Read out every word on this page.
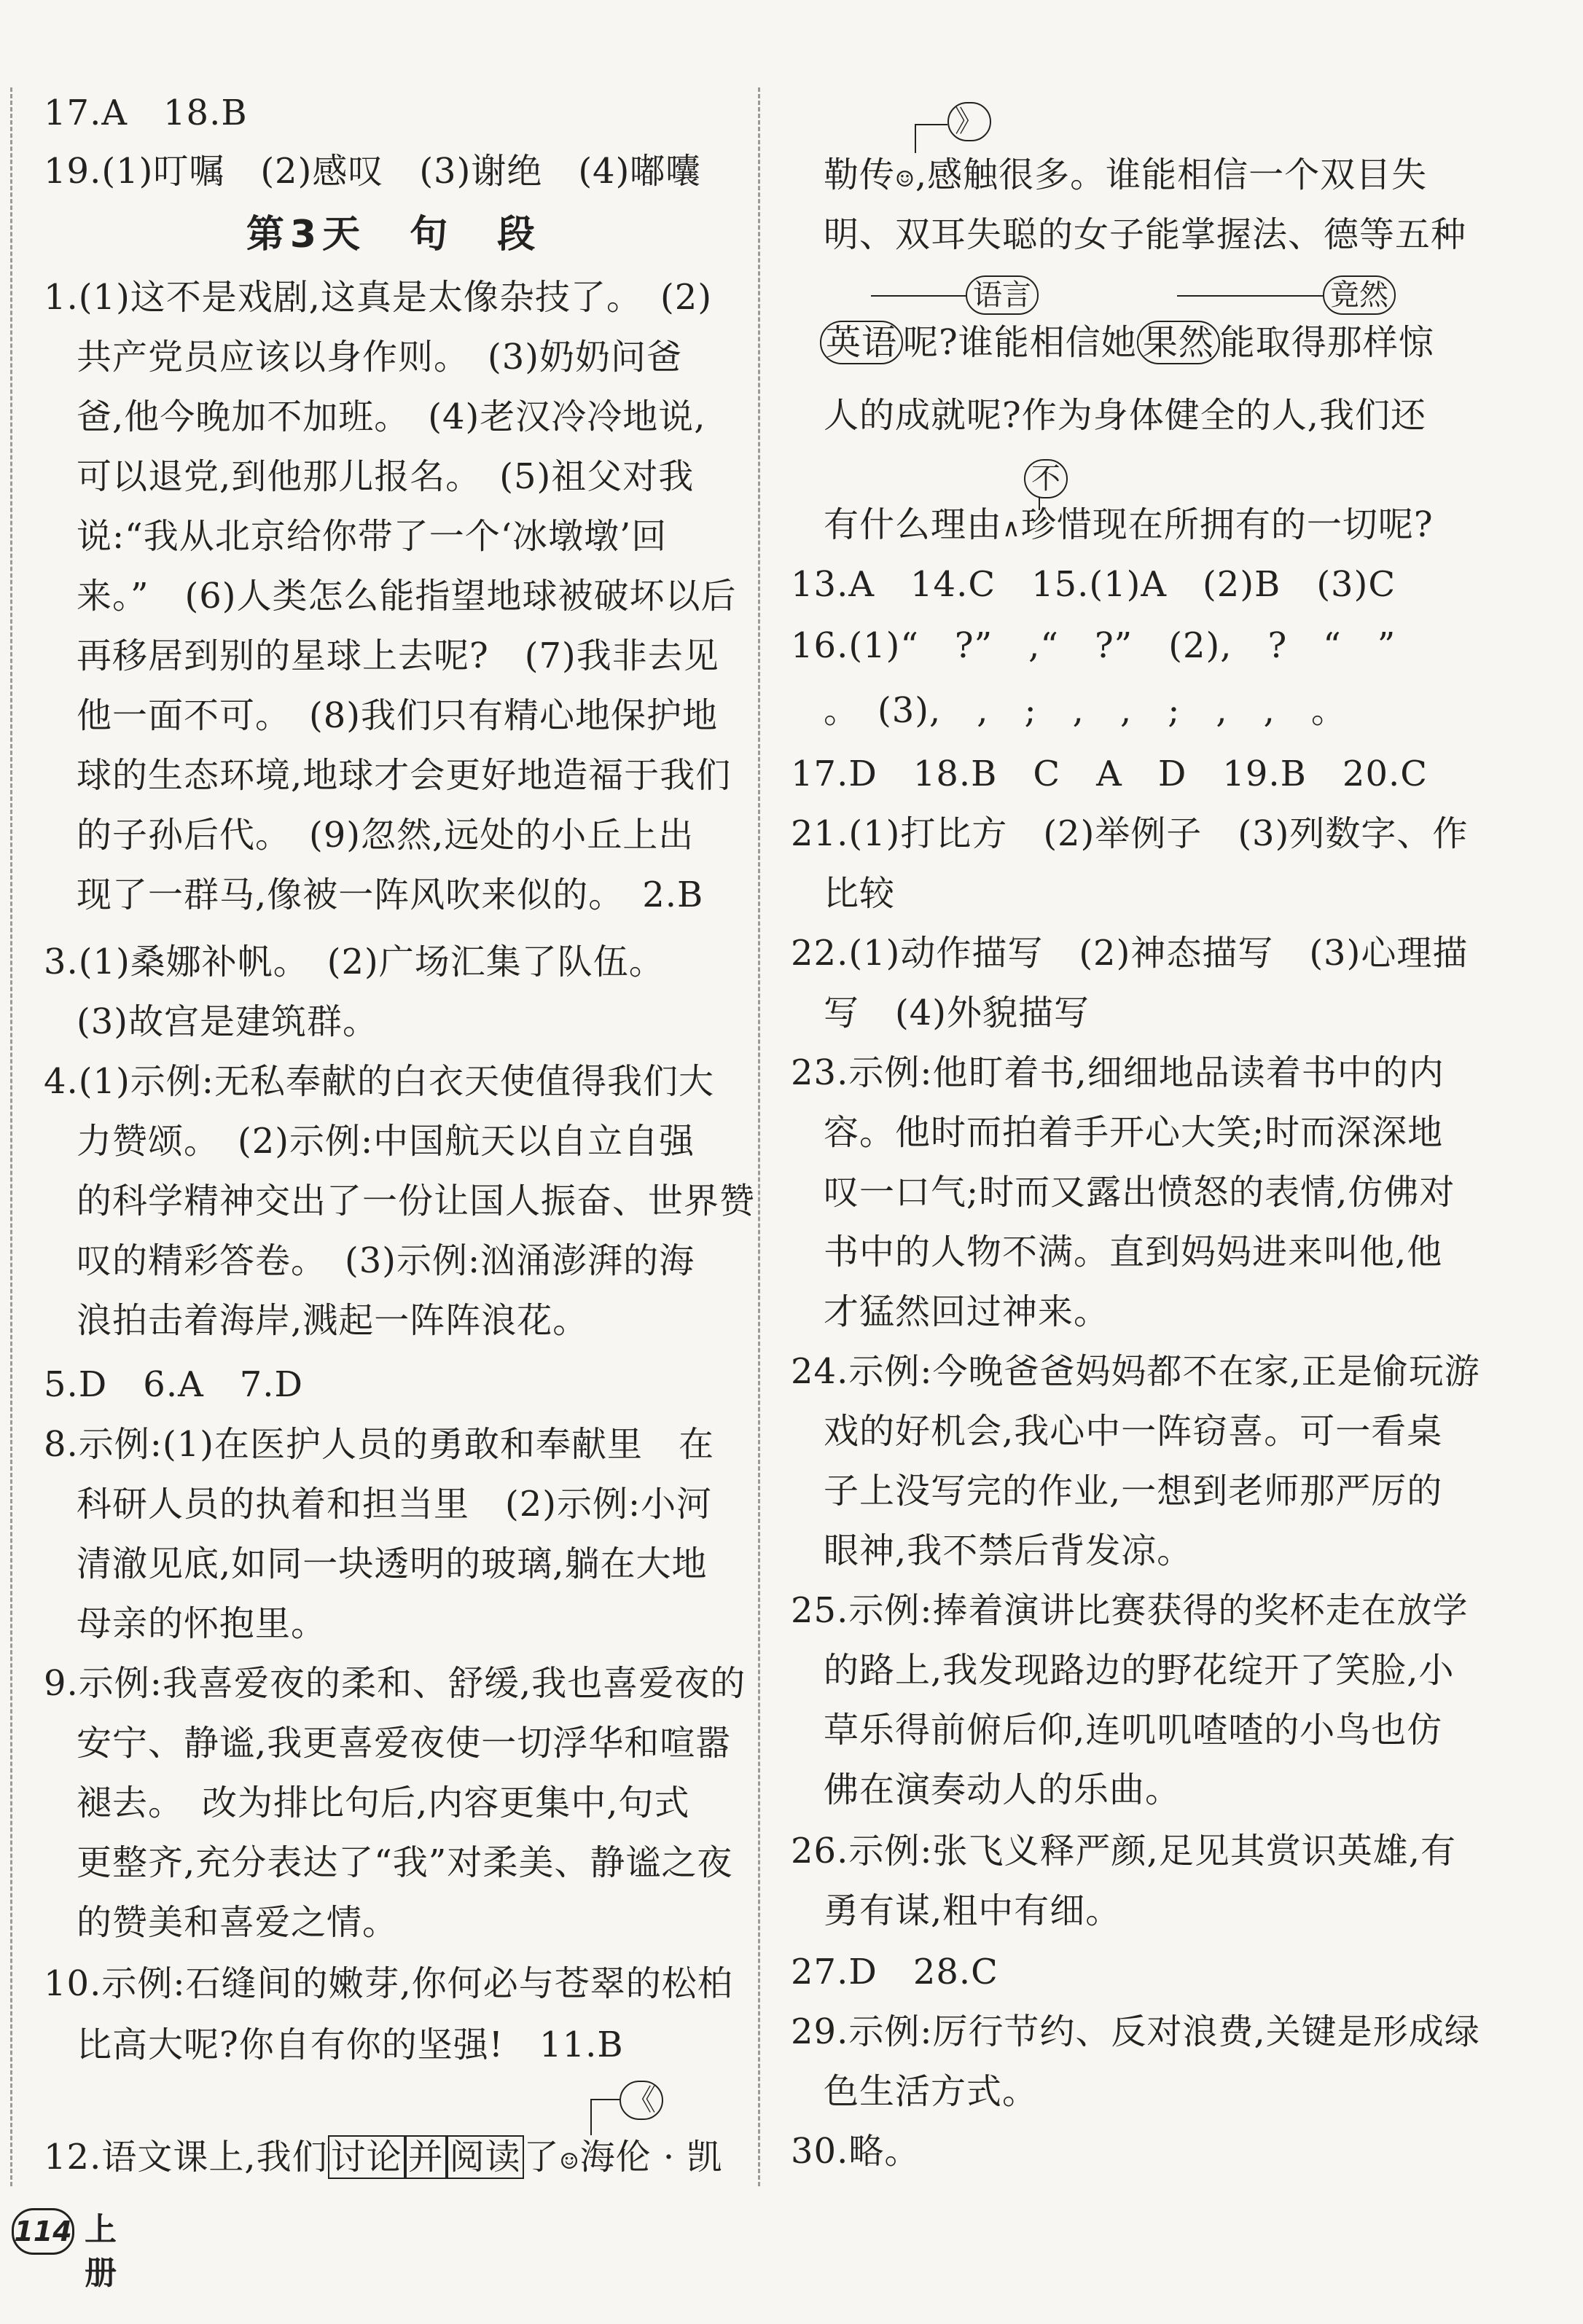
17.A　18.B
19.(1)叮嘱　(2)感叹　(3)谢绝　(4)嘟囔
第3天　句　段
1.(1)这不是戏剧,这真是太像杂技了。　(2)
共产党员应该以身作则。　(3)奶奶问爸
爸,他今晚加不加班。　(4)老汉冷冷地说,
可以退党,到他那儿报名。　(5)祖父对我
说:“我从北京给你带了一个‘冰墩墩’回
来。”　(6)人类怎么能指望地球被破坏以后
再移居到别的星球上去呢?　(7)我非去见
他一面不可。　(8)我们只有精心地保护地
球的生态环境,地球才会更好地造福于我们
的子孙后代。　(9)忽然,远处的小丘上出
现了一群马,像被一阵风吹来似的。　2.B
3.(1)桑娜补帆。　(2)广场汇集了队伍。
(3)故宫是建筑群。
4.(1)示例:无私奉献的白衣天使值得我们大
力赞颂。　(2)示例:中国航天以自立自强
的科学精神交出了一份让国人振奋、世界赞
叹的精彩答卷。　(3)示例:汹涌澎湃的海
浪拍击着海岸,溅起一阵阵浪花。
5.D　6.A　7.D
8.示例:(1)在医护人员的勇敢和奉献里　在
科研人员的执着和担当里　(2)示例:小河
清澈见底,如同一块透明的玻璃,躺在大地
母亲的怀抱里。
9.示例:我喜爱夜的柔和、舒缓,我也喜爱夜的
安宁、静谧,我更喜爱夜使一切浮华和喧嚣
褪去。　改为排比句后,内容更集中,句式
更整齐,充分表达了“我”对柔美、静谧之夜
的赞美和喜爱之情。
10.示例:石缝间的嫩芽,你何必与苍翠的松柏
比高大呢?你自有你的坚强!　11.B
12.语文课上,我们讨论 并 阅读了☺海伦 · 凯
《
》
勒传☺,感触很多。谁能相信一个双目失
明、双耳失聪的女子能掌握法、德等五种
语言	竟然
英语 呢?谁能相信她 果然 能取得那样惊
人的成就呢?作为身体健全的人,我们还
不
有什么理由∧珍惜现在所拥有的一切呢?
13.A　14.C　15.(1)A　(2)B　(3)C
16.(1)“　?”　,“　?”　(2),　?　“　”
。　(3),　,　;　,　,　;　,　,　。
17.D　18.B　C　A　D　19.B　20.C
21.(1)打比方　(2)举例子　(3)列数字、作
比较
22.(1)动作描写　(2)神态描写　(3)心理描
写　(4)外貌描写
23.示例:他盯着书,细细地品读着书中的内
容。他时而拍着手开心大笑;时而深深地
叹一口气;时而又露出愤怒的表情,仿佛对
书中的人物不满。直到妈妈进来叫他,他
才猛然回过神来。
24.示例:今晚爸爸妈妈都不在家,正是偷玩游
戏的好机会,我心中一阵窃喜。可一看桌
子上没写完的作业,一想到老师那严厉的
眼神,我不禁后背发凉。
25.示例:捧着演讲比赛获得的奖杯走在放学
的路上,我发现路边的野花绽开了笑脸,小
草乐得前俯后仰,连叽叽喳喳的小鸟也仿
佛在演奏动人的乐曲。
26.示例:张飞义释严颜,足见其赏识英雄,有
勇有谋,粗中有细。
27.D　28.C
29.示例:厉行节约、反对浪费,关键是形成绿
色生活方式。
30.略。
114 上册
